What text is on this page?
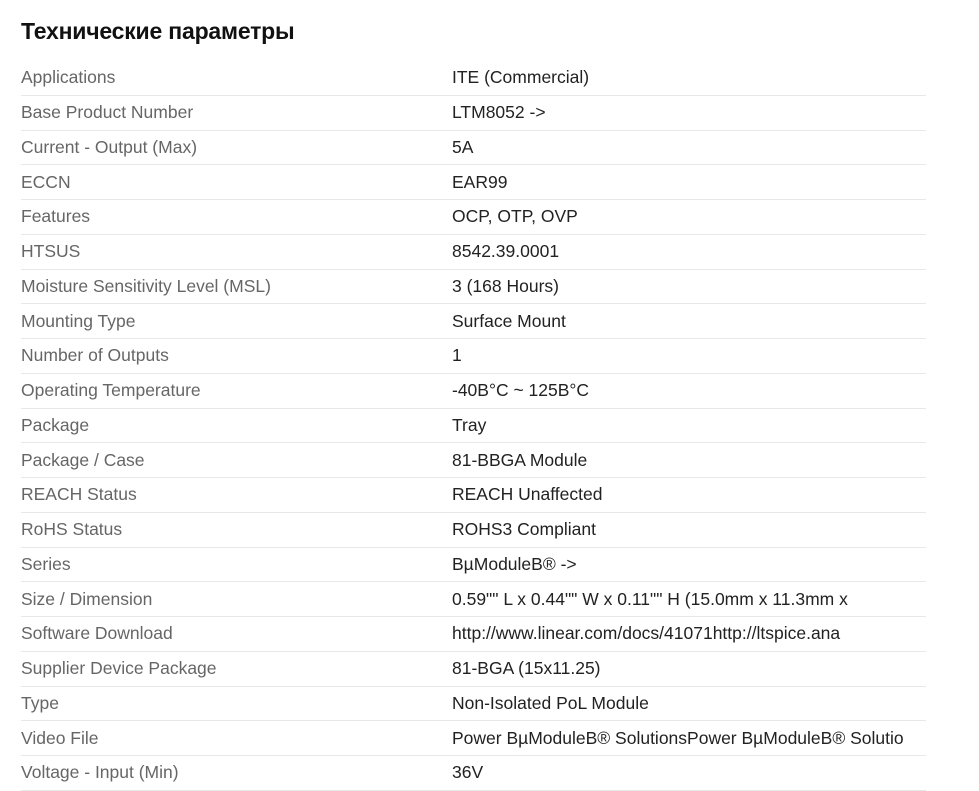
Технические параметры
Applications	ITE (Commercial)
Base Product Number	LTM8052 ->
Current - Output (Max)	5A
ECCN	EAR99
Features	OCP, OTP, OVP
HTSUS	8542.39.0001
Moisture Sensitivity Level (MSL)	3 (168 Hours)
Mounting Type	Surface Mount
Number of Outputs	1
Operating Temperature	-40В°C ~ 125В°C
Package	Tray
Package / Case	81-BBGA Module
REACH Status	REACH Unaffected
RoHS Status	ROHS3 Compliant
Series	BµModuleB® ->
Size / Dimension	0.59"" L x 0.44"" W x 0.11"" H (15.0mm x 11.3mm x
Software Download	http://www.linear.com/docs/41071http://ltspice.ana
Supplier Device Package	81-BGA (15x11.25)
Type	Non-Isolated PoL Module
Video File	Power BµModuleB® SolutionsPower BµModuleB® Solutio
Voltage - Input (Min)	36V
